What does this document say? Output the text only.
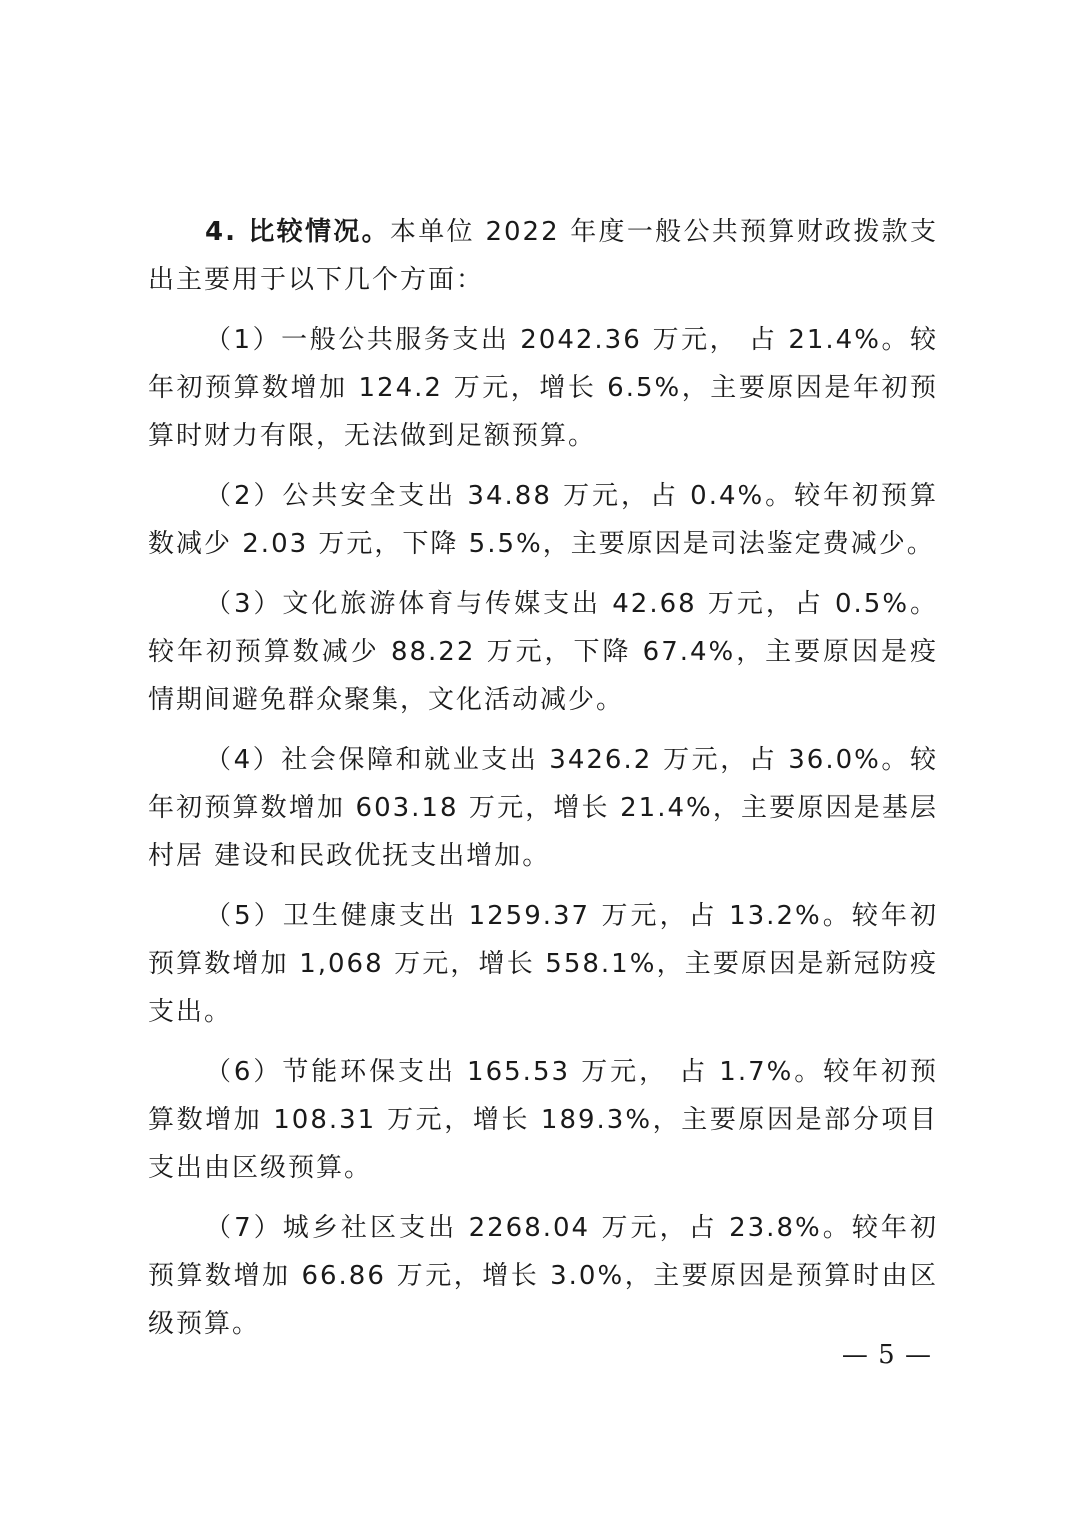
4. 比较情况。本单位 2022 年度一般公共预算财政拨款支出主要用于以下几个方面：

（1）一般公共服务支出 2042.36 万元， 占 21.4%。较年初预算数增加 124.2 万元，增长 6.5%，主要原因是年初预算时财力有限，无法做到足额预算。

（2）公共安全支出 34.88 万元，占 0.4%。较年初预算数减少 2.03 万元，下降 5.5%，主要原因是司法鉴定费减少。

（3）文化旅游体育与传媒支出 42.68 万元，占 0.5%。较年初预算数减少 88.22 万元，下降 67.4%，主要原因是疫情期间避免群众聚集，文化活动减少。

（4）社会保障和就业支出 3426.2 万元，占 36.0%。较年初预算数增加 603.18 万元，增长 21.4%，主要原因是基层村居 建设和民政优抚支出增加。

（5）卫生健康支出 1259.37 万元，占 13.2%。较年初预算数增加 1,068 万元，增长 558.1%，主要原因是新冠防疫支出。

（6）节能环保支出 165.53 万元， 占 1.7%。较年初预算数增加 108.31 万元，增长 189.3%，主要原因是部分项目支出由区级预算。

（7）城乡社区支出 2268.04 万元，占 23.8%。较年初预算数增加 66.86 万元，增长 3.0%，主要原因是预算时由区级预算。

— 5 —
